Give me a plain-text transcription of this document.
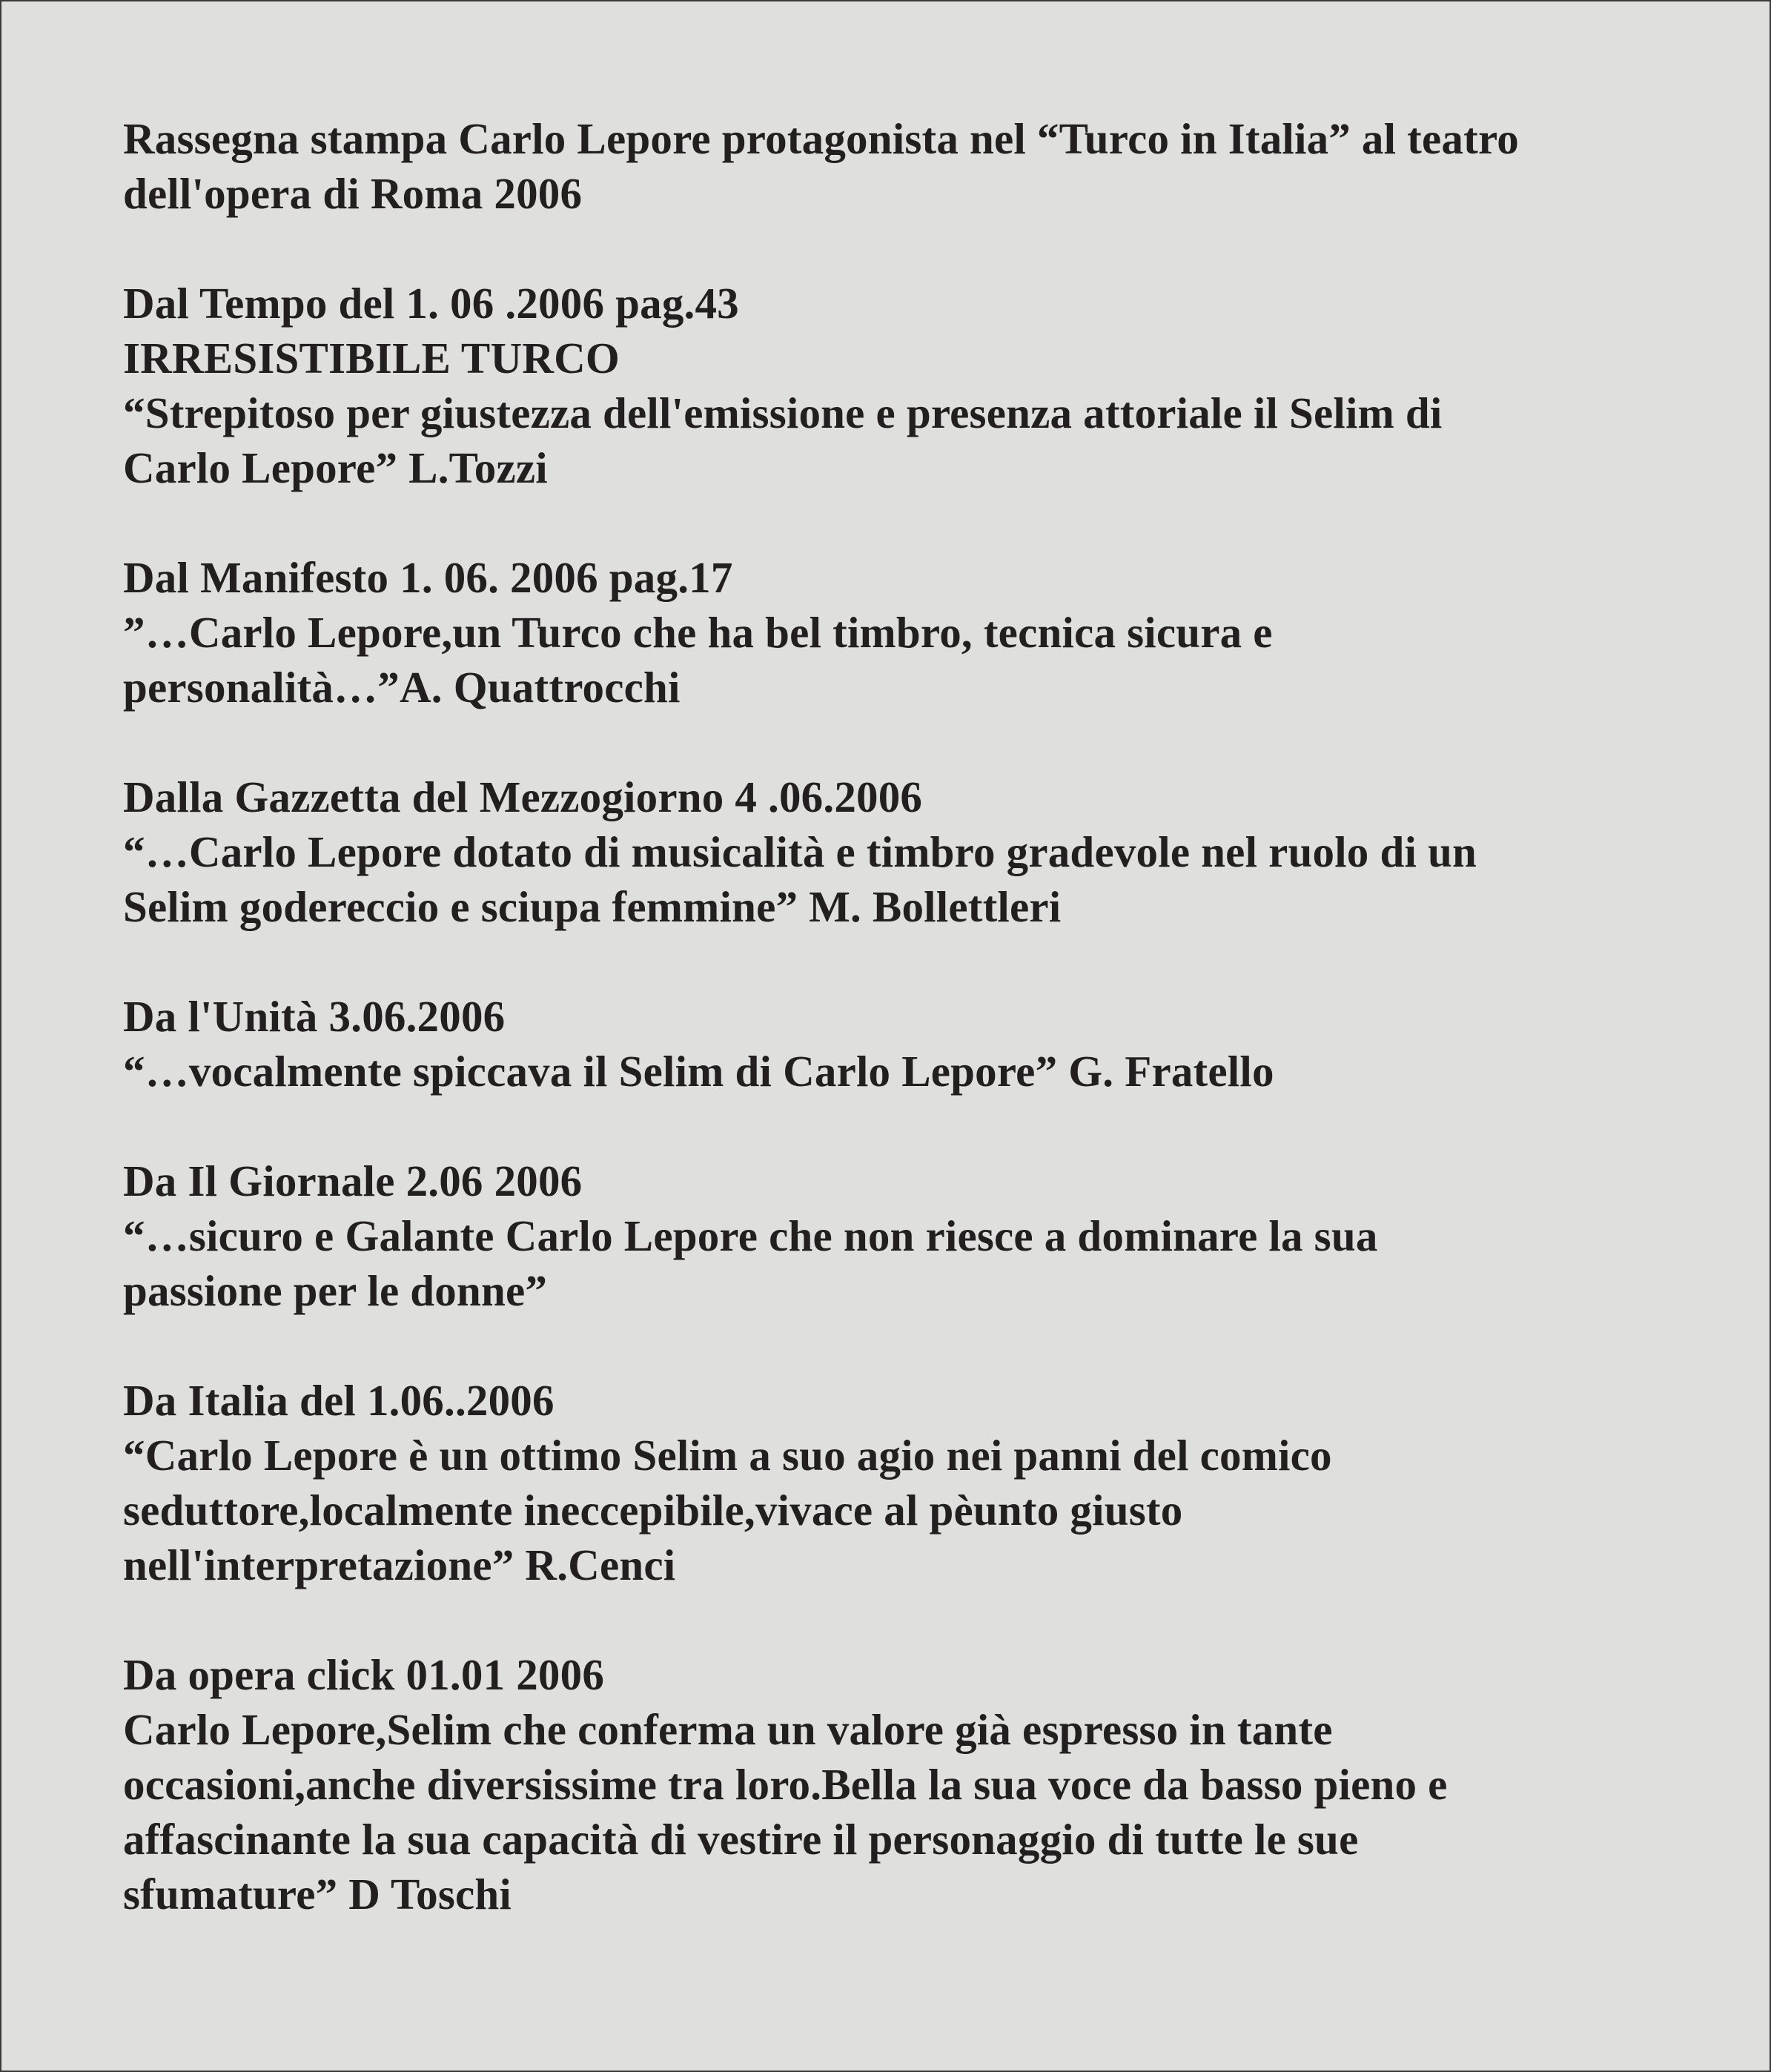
Rassegna stampa Carlo Lepore protagonista nel “Turco in Italia” al teatro
dell'opera di Roma 2006
Dal Tempo del 1. 06 .2006 pag.43
IRRESISTIBILE TURCO
“Strepitoso per giustezza dell'emissione e presenza attoriale il Selim di
Carlo Lepore” L.Tozzi
Dal Manifesto 1. 06. 2006 pag.17
”…Carlo Lepore,un Turco che ha bel timbro, tecnica sicura e
personalità…”A. Quattrocchi
Dalla Gazzetta del Mezzogiorno 4 .06.2006
“…Carlo Lepore dotato di musicalità e timbro gradevole nel ruolo di un
Selim godereccio e sciupa femmine” M. Bollettleri
Da l'Unità 3.06.2006
“…vocalmente spiccava il Selim di Carlo Lepore” G. Fratello
Da Il Giornale 2.06 2006
“…sicuro e Galante Carlo Lepore che non riesce a dominare la sua
passione per le donne”
Da Italia del 1.06..2006
“Carlo Lepore è un ottimo Selim a suo agio nei panni del comico
seduttore,localmente ineccepibile,vivace al pèunto giusto
nell'interpretazione” R.Cenci
Da opera click 01.01 2006
Carlo Lepore,Selim che conferma un valore già espresso in tante
occasioni,anche diversissime tra loro.Bella la sua voce da basso pieno e
affascinante la sua capacità di vestire il personaggio di tutte le sue
sfumature” D Toschi
